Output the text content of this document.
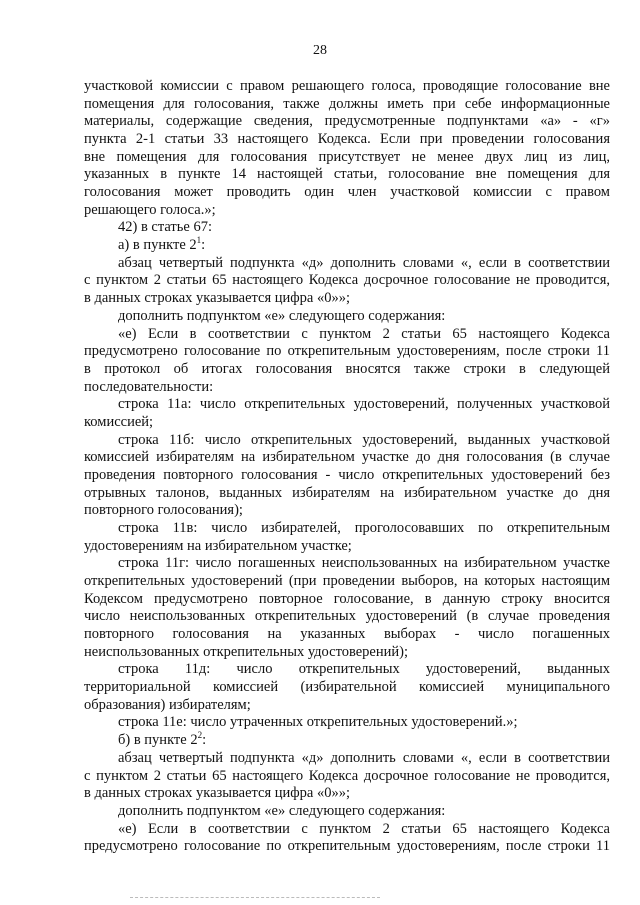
28
участковой комиссии с правом решающего голоса, проводящие голосование вне
помещения для голосования, также должны иметь при себе информационные
материалы, содержащие сведения, предусмотренные подпунктами «а» - «г»
пункта 2-1 статьи 33 настоящего Кодекса. Если при проведении голосования
вне помещения для голосования присутствует не менее двух лиц из лиц,
указанных в пункте 14 настоящей статьи, голосование вне помещения для
голосования может проводить один член участковой комиссии с правом
решающего голоса.»;
42) в статье 67:
а) в пункте $2^1$:
абзац четвертый подпункта «д» дополнить словами «, если в соответствии
с пунктом 2 статьи 65 настоящего Кодекса досрочное голосование не проводится,
в данных строках указывается цифра «0»»;
дополнить подпунктом «е» следующего содержания:
«е) Если в соответствии с пунктом 2 статьи 65 настоящего Кодекса
предусмотрено голосование по открепительным удостоверениям, после строки 11
в протокол об итогах голосования вносятся также строки в следующей
последовательности:
строка 11а: число открепительных удостоверений, полученных участковой
комиссией;
строка 11б: число открепительных удостоверений, выданных участковой
комиссией избирателям на избирательном участке до дня голосования (в случае
проведения повторного голосования - число открепительных удостоверений без
отрывных талонов, выданных избирателям на избирательном участке до дня
повторного голосования);
строка 11в: число избирателей, проголосовавших по открепительным
удостоверениям на избирательном участке;
строка 11г: число погашенных неиспользованных на избирательном участке
открепительных удостоверений (при проведении выборов, на которых настоящим
Кодексом предусмотрено повторное голосование, в данную строку вносится
число неиспользованных открепительных удостоверений (в случае проведения
повторного голосования на указанных выборах - число погашенных
неиспользованных открепительных удостоверений);
строка 11д: число открепительных удостоверений, выданных
территориальной комиссией (избирательной комиссией муниципального
образования) избирателям;
строка 11е: число утраченных открепительных удостоверений.»;
б) в пункте $2^2$:
абзац четвертый подпункта «д» дополнить словами «, если в соответствии
с пунктом 2 статьи 65 настоящего Кодекса досрочное голосование не проводится,
в данных строках указывается цифра «0»»;
дополнить подпунктом «е» следующего содержания:
«е) Если в соответствии с пунктом 2 статьи 65 настоящего Кодекса
предусмотрено голосование по открепительным удостоверениям, после строки 11
